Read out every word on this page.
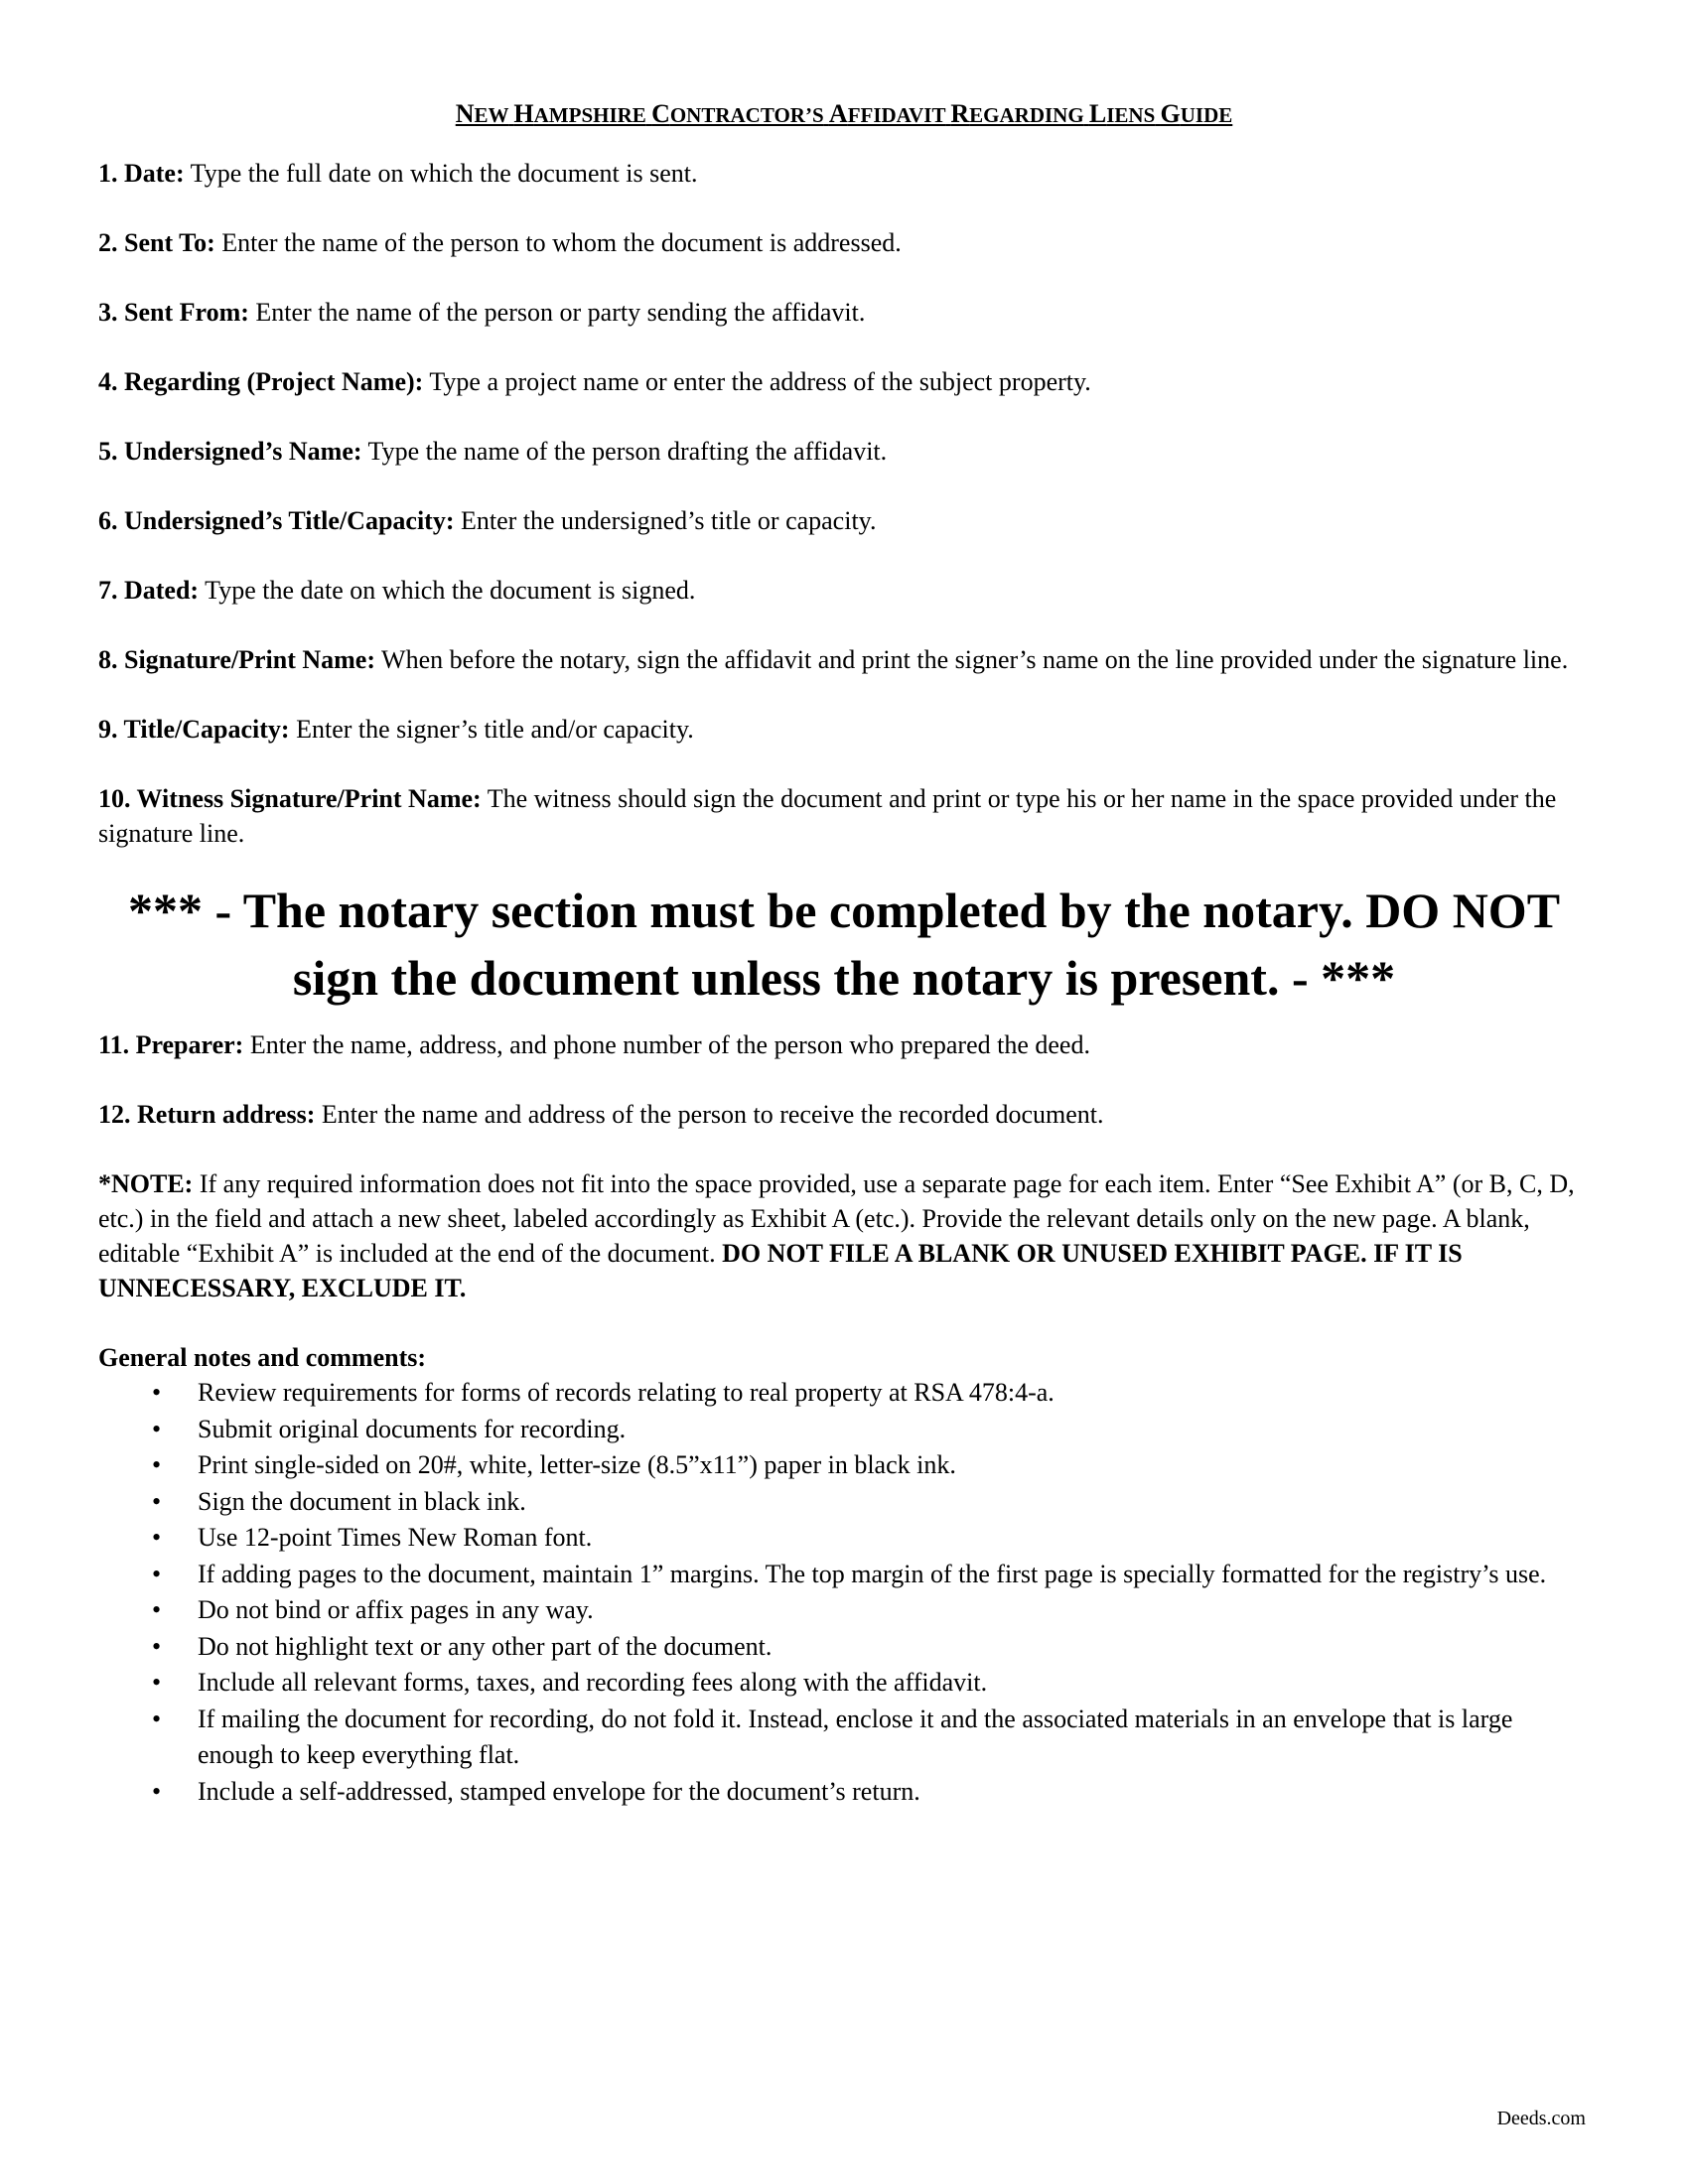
NEW HAMPSHIRE CONTRACTOR’S AFFIDAVIT REGARDING LIENS GUIDE
1. Date: Type the full date on which the document is sent.
2. Sent To: Enter the name of the person to whom the document is addressed.
3. Sent From: Enter the name of the person or party sending the affidavit.
4. Regarding (Project Name): Type a project name or enter the address of the subject property.
5. Undersigned’s Name: Type the name of the person drafting the affidavit.
6. Undersigned’s Title/Capacity: Enter the undersigned’s title or capacity.
7. Dated: Type the date on which the document is signed.
8. Signature/Print Name: When before the notary, sign the affidavit and print the signer’s name on the line provided under the signature line.
9. Title/Capacity: Enter the signer’s title and/or capacity.
10. Witness Signature/Print Name: The witness should sign the document and print or type his or her name in the space provided under the signature line.
*** - The notary section must be completed by the notary. DO NOT sign the document unless the notary is present. - ***
11. Preparer: Enter the name, address, and phone number of the person who prepared the deed.
12. Return address: Enter the name and address of the person to receive the recorded document.
*NOTE: If any required information does not fit into the space provided, use a separate page for each item. Enter “See Exhibit A” (or B, C, D, etc.) in the field and attach a new sheet, labeled accordingly as Exhibit A (etc.). Provide the relevant details only on the new page. A blank, editable “Exhibit A” is included at the end of the document. DO NOT FILE A BLANK OR UNUSED EXHIBIT PAGE. IF IT IS UNNECESSARY, EXCLUDE IT.
General notes and comments:
• Review requirements for forms of records relating to real property at RSA 478:4-a.
• Submit original documents for recording.
• Print single-sided on 20#, white, letter-size (8.5”x11”) paper in black ink.
• Sign the document in black ink.
• Use 12-point Times New Roman font.
• If adding pages to the document, maintain 1” margins. The top margin of the first page is specially formatted for the registry’s use.
• Do not bind or affix pages in any way.
• Do not highlight text or any other part of the document.
• Include all relevant forms, taxes, and recording fees along with the affidavit.
• If mailing the document for recording, do not fold it. Instead, enclose it and the associated materials in an envelope that is large enough to keep everything flat.
• Include a self-addressed, stamped envelope for the document’s return.
Deeds.com
